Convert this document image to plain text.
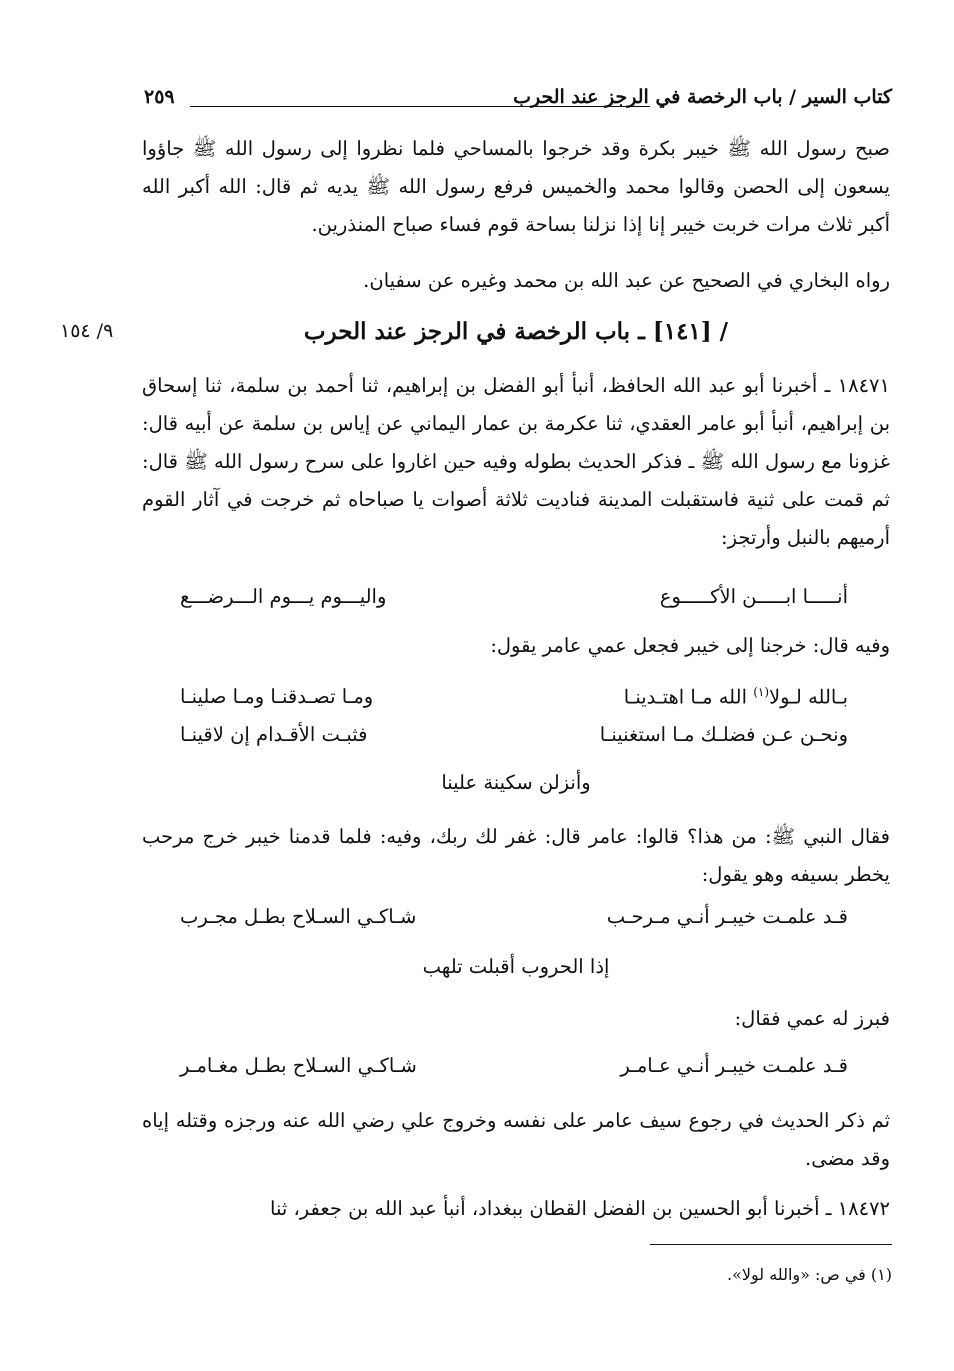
كتاب السير / باب الرخصة في الرجز عند الحرب
٢٥٩
صبح رسول الله ﷺ خيبر بكرة وقد خرجوا بالمساحي فلما نظروا إلى رسول الله ﷺ جاؤوا يسعون إلى الحصن وقالوا محمد والخميس فرفع رسول الله ﷺ يديه ثم قال: الله أكبر الله أكبر ثلاث مرات خربت خيبر إنا إذا نزلنا بساحة قوم فساء صباح المنذرين.
رواه البخاري في الصحيح عن عبد الله بن محمد وغيره عن سفيان.
/ [١٤١] ـ باب الرخصة في الرجز عند الحرب
٩/ ١٥٤
١٨٤٧١ ـ أخبرنا أبو عبد الله الحافظ، أنبأ أبو الفضل بن إبراهيم، ثنا أحمد بن سلمة، ثنا إسحاق بن إبراهيم، أنبأ أبو عامر العقدي، ثنا عكرمة بن عمار اليماني عن إياس بن سلمة عن أبيه قال: غزونا مع رسول الله ﷺ ـ فذكر الحديث بطوله وفيه حين اغاروا على سرح رسول الله ﷺ قال: ثم قمت على ثنية فاستقبلت المدينة فناديت ثلاثة أصوات يا صباحاه ثم خرجت في آثار القوم أرميهم بالنبل وأرتجز:
أنـــــا ابـــــن الأكـــــوع
واليـــوم يـــوم الـــرضـــع
وفيه قال: خرجنا إلى خيبر فجعل عمي عامر يقول:
بـالله لـولا$^{(١)}$ الله مـا اهتـدينـا
ومـا تصـدقنـا ومـا صلينـا
ونحـن عـن فضلـك مـا استغنينـا
فثبـت الأقـدام إن لاقينـا
وأنزلن سكينة علينا
فقال النبي ﷺ: من هذا؟ قالوا: عامر قال: غفر لك ربك، وفيه: فلما قدمنا خيبر خرج مرحب يخطر بسيفه وهو يقول:
قـد علمـت خيبـر أنـي مـرحـب
شـاكـي السـلاح بطـل مجـرب
إذا الحروب أقبلت تلهب
فبرز له عمي فقال:
قـد علمـت خيبـر أنـي عـامـر
شـاكـي السـلاح بطـل مغـامـر
ثم ذكر الحديث في رجوع سيف عامر على نفسه وخروج علي رضي الله عنه ورجزه وقتله إياه وقد مضى.
١٨٤٧٢ ـ أخبرنا أبو الحسين بن الفضل القطان ببغداد، أنبأ عبد الله بن جعفر، ثنا
(١) في ص: «والله لولا».
